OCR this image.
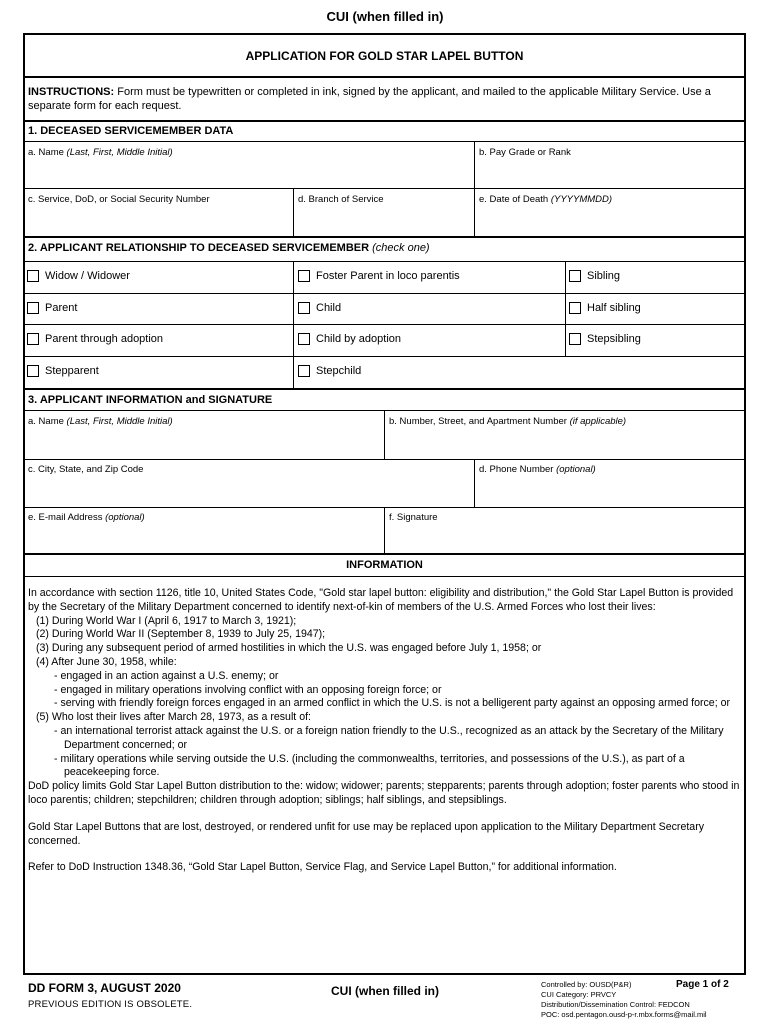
CUI (when filled in)
APPLICATION FOR GOLD STAR LAPEL BUTTON
INSTRUCTIONS: Form must be typewritten or completed in ink, signed by the applicant, and mailed to the applicable Military Service. Use a separate form for each request.
1. DECEASED SERVICEMEMBER DATA
a. Name (Last, First, Middle Initial)	b. Pay Grade or Rank
c. Service, DoD, or Social Security Number	d. Branch of Service	e. Date of Death (YYYYMMDD)
2. APPLICANT RELATIONSHIP TO DECEASED SERVICEMEMBER (check one)
Widow / Widower	Foster Parent in loco parentis	Sibling
Parent	Child	Half sibling
Parent through adoption	Child by adoption	Stepsibling
Stepparent	Stepchild
3. APPLICANT INFORMATION and SIGNATURE
a. Name (Last, First, Middle Initial)	b. Number, Street, and Apartment Number (if applicable)
c. City, State, and Zip Code	d. Phone Number (optional)
e. E-mail Address (optional)	f. Signature
INFORMATION

In accordance with section 1126, title 10, United States Code, "Gold star lapel button: eligibility and distribution," the Gold Star Lapel Button is provided by the Secretary of the Military Department concerned to identify next-of-kin of members of the U.S. Armed Forces who lost their lives:

(1) During World War I (April 6, 1917 to March 3, 1921);

(2) During World War II (September 8, 1939 to July 25, 1947);

(3) During any subsequent period of armed hostilities in which the U.S. was engaged before July 1, 1958; or

(4) After June 30, 1958, while:

- engaged in an action against a U.S. enemy; or

- engaged in military operations involving conflict with an opposing foreign force; or

- serving with friendly foreign forces engaged in an armed conflict in which the U.S. is not a belligerent party against an opposing armed force; or

(5) Who lost their lives after March 28, 1973, as a result of:

- an international terrorist attack against the U.S. or a foreign nation friendly to the U.S., recognized as an attack by the Secretary of the Military Department concerned; or

- military operations while serving outside the U.S. (including the commonwealths, territories, and possessions of the U.S.), as part of a peacekeeping force.

DoD policy limits Gold Star Lapel Button distribution to the: widow; widower; parents; stepparents; parents through adoption; foster parents who stood in loco parentis; children; stepchildren; children through adoption; siblings; half siblings, and stepsiblings.

Gold Star Lapel Buttons that are lost, destroyed, or rendered unfit for use may be replaced upon application to the Military Department Secretary concerned.

Refer to DoD Instruction 1348.36, “Gold Star Lapel Button, Service Flag, and Service Lapel Button,” for additional information.

DD FORM 3, AUGUST 2020
PREVIOUS EDITION IS OBSOLETE.
CUI (when filled in)	Controlled by: OUSD(P&R)
CUI Category: PRVCY
Distribution/Dissemination Control: FEDCON
POC: osd.pentagon.ousd-p-r.mbx.forms@mail.mil
Page 1 of 2
